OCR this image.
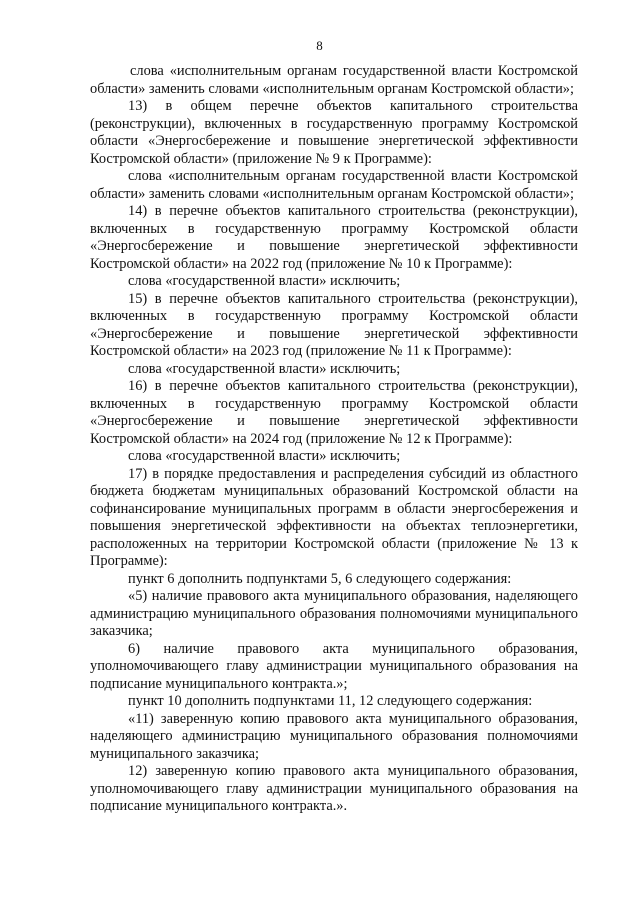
8

слова «исполнительным органам государственной власти Костромской области» заменить словами «исполнительным органам Костромской области»;

13) в общем перечне объектов капитального строительства (реконструкции), включенных в государственную программу Костромской области «Энергосбережение и повышение энергетической эффективности Костромской области» (приложение № 9 к Программе):

слова «исполнительным органам государственной власти Костромской области» заменить словами «исполнительным органам Костромской области»;

14) в перечне объектов капитального строительства (реконструкции), включенных в государственную программу Костромской области «Энергосбережение и повышение энергетической эффективности Костромской области» на 2022 год (приложение № 10 к Программе):

слова «государственной власти» исключить;

15) в перечне объектов капитального строительства (реконструкции), включенных в государственную программу Костромской области «Энергосбережение и повышение энергетической эффективности Костромской области» на 2023 год (приложение № 11 к Программе):

слова «государственной власти» исключить;

16) в перечне объектов капитального строительства (реконструкции), включенных в государственную программу Костромской области «Энергосбережение и повышение энергетической эффективности Костромской области» на 2024 год (приложение № 12 к Программе):

слова «государственной власти» исключить;

17) в порядке предоставления и распределения субсидий из областного бюджета бюджетам муниципальных образований Костромской области на софинансирование муниципальных программ в области энергосбережения и повышения энергетической эффективности на объектах теплоэнергетики, расположенных на территории Костромской области (приложение № 13 к Программе):

пункт 6 дополнить подпунктами 5, 6 следующего содержания:

«5) наличие правового акта муниципального образования, наделяющего администрацию муниципального образования полномочиями муниципального заказчика;

6) наличие правового акта муниципального образования, уполномочивающего главу администрации муниципального образования на подписание муниципального контракта.»;

пункт 10 дополнить подпунктами 11, 12 следующего содержания:

«11) заверенную копию правового акта муниципального образования, наделяющего администрацию муниципального образования полномочиями муниципального заказчика;

12) заверенную копию правового акта муниципального образования, уполномочивающего главу администрации муниципального образования на подписание муниципального контракта.».
